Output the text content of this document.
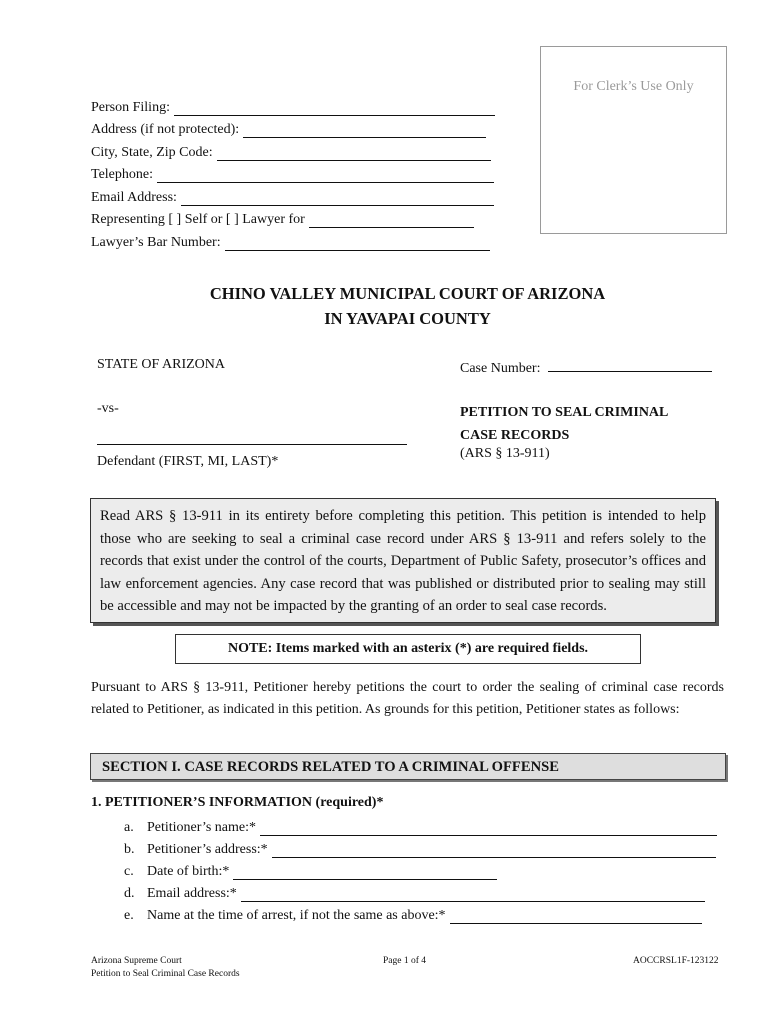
For Clerk’s Use Only
Person Filing:
Address (if not protected):
City, State, Zip Code:
Telephone:
Email Address:
Representing [ ] Self or [ ] Lawyer for
Lawyer’s Bar Number:
CHINO VALLEY MUNICIPAL COURT OF ARIZONA
IN YAVAPAI COUNTY
STATE OF ARIZONA
-vs-
Defendant (FIRST, MI, LAST)*
Case Number:
PETITION TO SEAL CRIMINAL
CASE RECORDS
(ARS § 13-911)
Read ARS § 13-911 in its entirety before completing this petition. This petition is intended to help those who are seeking to seal a criminal case record under ARS § 13-911 and refers solely to the records that exist under the control of the courts, Department of Public Safety, prosecutor’s offices and law enforcement agencies. Any case record that was published or distributed prior to sealing may still be accessible and may not be impacted by the granting of an order to seal case records.
NOTE: Items marked with an asterix (*) are required fields.
Pursuant to ARS § 13-911, Petitioner hereby petitions the court to order the sealing of criminal case records related to Petitioner, as indicated in this petition. As grounds for this petition, Petitioner states as follows:
SECTION I. CASE RECORDS RELATED TO A CRIMINAL OFFENSE
1. PETITIONER’S INFORMATION (required)*
a. Petitioner’s name:*
b. Petitioner’s address:*
c. Date of birth:*
d. Email address:*
e. Name at the time of arrest, if not the same as above:*
Arizona Supreme Court
Petition to Seal Criminal Case Records
Page 1 of 4	AOCCRSL1F-123122
